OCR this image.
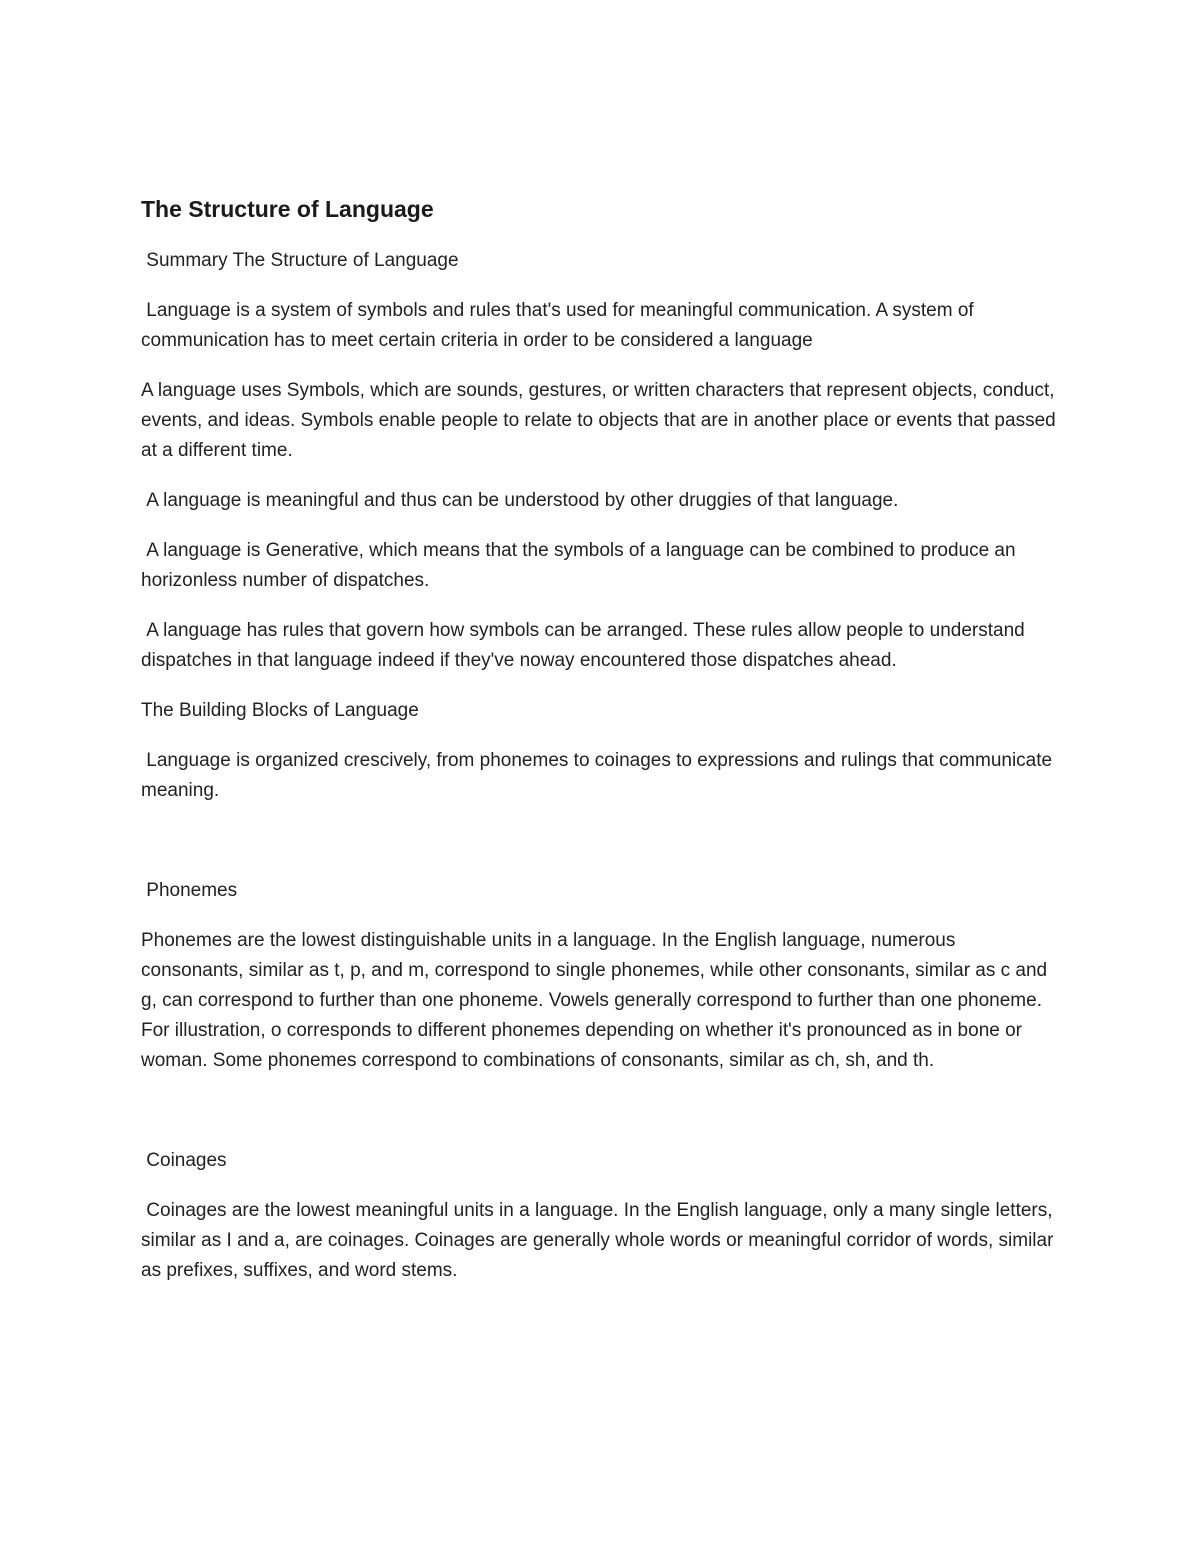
The Structure of Language

Summary The Structure of Language

Language is a system of symbols and rules that's used for meaningful communication. A system of communication has to meet certain criteria in order to be considered a language

A language uses Symbols, which are sounds, gestures, or written characters that represent objects, conduct, events, and ideas. Symbols enable people to relate to objects that are in another place or events that passed at a different time.

A language is meaningful and thus can be understood by other druggies of that language.

A language is Generative, which means that the symbols of a language can be combined to produce an horizonless number of dispatches.

A language has rules that govern how symbols can be arranged. These rules allow people to understand dispatches in that language indeed if they've noway encountered those dispatches ahead.

The Building Blocks of Language

Language is organized crescively, from phonemes to coinages to expressions and rulings that communicate meaning.

Phonemes

Phonemes are the lowest distinguishable units in a language. In the English language, numerous consonants, similar as t, p, and m, correspond to single phonemes, while other consonants, similar as c and g, can correspond to further than one phoneme. Vowels generally correspond to further than one phoneme. For illustration, o corresponds to different phonemes depending on whether it's pronounced as in bone or woman. Some phonemes correspond to combinations of consonants, similar as ch, sh, and th.

Coinages

Coinages are the lowest meaningful units in a language. In the English language, only a many single letters, similar as I and a, are coinages. Coinages are generally whole words or meaningful corridor of words, similar as prefixes, suffixes, and word stems.
